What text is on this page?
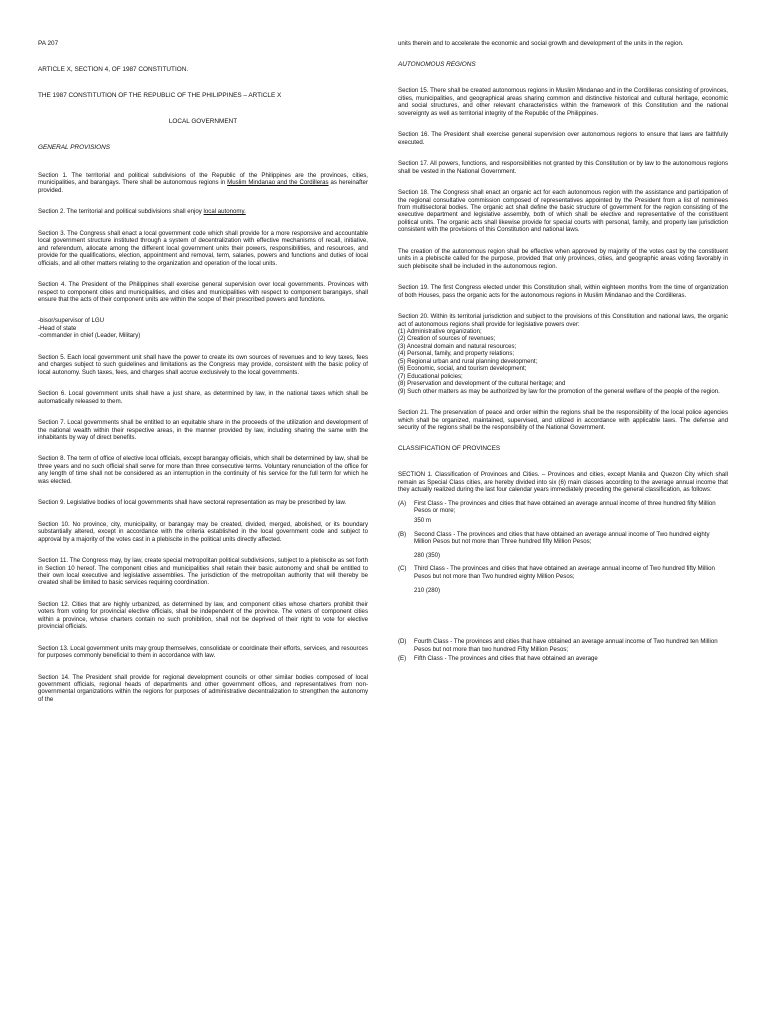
PA 207

ARTICLE X, SECTION 4, OF 1987 CONSTITUTION.

THE 1987 CONSTITUTION OF THE REPUBLIC OF THE PHILIPPINES – ARTICLE X

LOCAL GOVERNMENT

GENERAL PROVISIONS

Section 1. The territorial and political subdivisions of the Republic of the Philippines are the provinces, cities, municipalities, and barangays. There shall be autonomous regions in Muslim Mindanao and the Cordilleras as hereinafter provided.

Section 2. The territorial and political subdivisions shall enjoy local autonomy.

Section 3. The Congress shall enact a local government code which shall provide for a more responsive and accountable local government structure instituted through a system of decentralization with effective mechanisms of recall, initiative, and referendum, allocate among the different local government units their powers, responsibilities, and resources, and provide for the qualifications, election, appointment and removal, term, salaries, powers and functions and duties of local officials, and all other matters relating to the organization and operation of the local units.

Section 4. The President of the Philippines shall exercise general supervision over local governments. Provinces with respect to component cities and municipalities, and cities and municipalities with respect to component barangays, shall ensure that the acts of their component units are within the scope of their prescribed powers and functions.

-bisor/supervisor of LGU

-Head of state

-commander in chief (Leader, Military)

Section 5. Each local government unit shall have the power to create its own sources of revenues and to levy taxes, fees and charges subject to such guidelines and limitations as the Congress may provide, consistent with the basic policy of local autonomy. Such taxes, fees, and charges shall accrue exclusively to the local governments.

Section 6. Local government units shall have a just share, as determined by law, in the national taxes which shall be automatically released to them.

Section 7. Local governments shall be entitled to an equitable share in the proceeds of the utilization and development of the national wealth within their respective areas, in the manner provided by law, including sharing the same with the inhabitants by way of direct benefits.

Section 8. The term of office of elective local officials, except barangay officials, which shall be determined by law, shall be three years and no such official shall serve for more than three consecutive terms. Voluntary renunciation of the office for any length of time shall not be considered as an interruption in the continuity of his service for the full term for which he was elected.

Section 9. Legislative bodies of local governments shall have sectoral representation as may be prescribed by law.

Section 10. No province, city, municipality, or barangay may be created, divided, merged, abolished, or its boundary substantially altered, except in accordance with the criteria established in the local government code and subject to approval by a majority of the votes cast in a plebiscite in the political units directly affected.

Section 11. The Congress may, by law, create special metropolitan political subdivisions, subject to a plebiscite as set forth in Section 10 hereof. The component cities and municipalities shall retain their basic autonomy and shall be entitled to their own local executive and legislative assemblies. The jurisdiction of the metropolitan authority that will thereby be created shall be limited to basic services requiring coordination.

Section 12. Cities that are highly urbanized, as determined by law, and component cities whose charters prohibit their voters from voting for provincial elective officials, shall be independent of the province. The voters of component cities within a province, whose charters contain no such prohibition, shall not be deprived of their right to vote for elective provincial officials.

Section 13. Local government units may group themselves, consolidate or coordinate their efforts, services, and resources for purposes commonly beneficial to them in accordance with law.

Section 14. The President shall provide for regional development councils or other similar bodies composed of local government officials, regional heads of departments and other government offices, and representatives from non-governmental organizations within the regions for purposes of administrative decentralization to strengthen the autonomy of the

units therein and to accelerate the economic and social growth and development of the units in the region.

AUTONOMOUS REGIONS

Section 15. There shall be created autonomous regions in Muslim Mindanao and in the Cordilleras consisting of provinces, cities, municipalities, and geographical areas sharing common and distinctive historical and cultural heritage, economic and social structures, and other relevant characteristics within the framework of this Constitution and the national sovereignty as well as territorial integrity of the Republic of the Philippines.

Section 16. The President shall exercise general supervision over autonomous regions to ensure that laws are faithfully executed.

Section 17. All powers, functions, and responsibilities not granted by this Constitution or by law to the autonomous regions shall be vested in the National Government.

Section 18. The Congress shall enact an organic act for each autonomous region with the assistance and participation of the regional consultative commission composed of representatives appointed by the President from a list of nominees from multisectoral bodies. The organic act shall define the basic structure of government for the region consisting of the executive department and legislative assembly, both of which shall be elective and representative of the constituent political units. The organic acts shall likewise provide for special courts with personal, family, and property law jurisdiction consistent with the provisions of this Constitution and national laws.

The creation of the autonomous region shall be effective when approved by majority of the votes cast by the constituent units in a plebiscite called for the purpose, provided that only provinces, cities, and geographic areas voting favorably in such plebiscite shall be included in the autonomous region.

Section 19. The first Congress elected under this Constitution shall, within eighteen months from the time of organization of both Houses, pass the organic acts for the autonomous regions in Muslim Mindanao and the Cordilleras.

Section 20. Within its territorial jurisdiction and subject to the provisions of this Constitution and national laws, the organic act of autonomous regions shall provide for legislative powers over:

(1) Administrative organization;
(2) Creation of sources of revenues;
(3) Ancestral domain and natural resources;
(4) Personal, family, and property relations;
(5) Regional urban and rural planning development;
(6) Economic, social, and tourism development;
(7) Educational policies;
(8) Preservation and development of the cultural heritage; and
(9) Such other matters as may be authorized by law for the promotion of the general welfare of the people of the region.

Section 21. The preservation of peace and order within the regions shall be the responsibility of the local police agencies which shall be organized, maintained, supervised, and utilized in accordance with applicable laws. The defense and security of the regions shall be the responsibility of the National Government.

CLASSIFICATION OF PROVINCES

SECTION 1. Classification of Provinces and Cities. – Provinces and cities, except Manila and Quezon City which shall remain as Special Class cities, are hereby divided into six (6) main classes according to the average annual income that they actually realized during the last four calendar years immediately preceding the general classification, as follows:

(A)	First Class - The provinces and cities that have obtained an average annual income of three hundred fifty Million Pesos or more;
350 m
(B)	Second Class - The provinces and cities that have obtained an average annual income of Two hundred eighty Million Pesos but not more than Three hundred fifty Million Pesos;
280 (350)
(C)	Third Class - The provinces and cities that have obtained an average annual income of Two hundred fifty Million Pesos but not more than Two hundred eighty Million Pesos;
210 (280)
(D)	Fourth Class - The provinces and cities that have obtained an average annual income of Two hundred ten Million Pesos but not more than two hundred Fifty Million Pesos;
(E)	Fifth Class - The provinces and cities that have obtained an average
